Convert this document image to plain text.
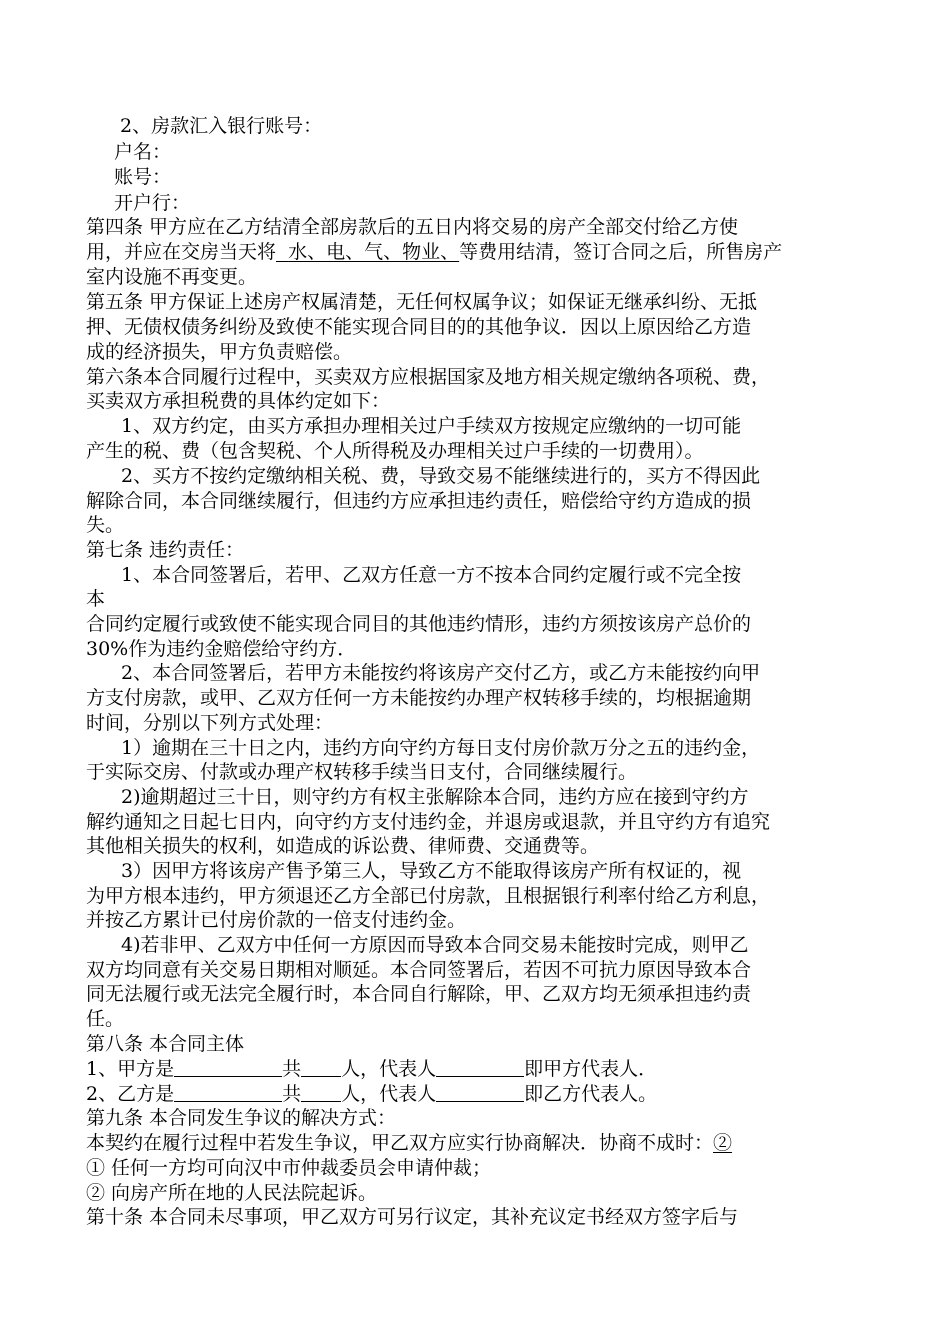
2、房款汇入银行账号：
户名：
账号：
开户行：
第四条 甲方应在乙方结清全部房款后的五日内将交易的房产全部交付给乙方使
用，并应在交房当天将 水、电、气、物业、等费用结清，签订合同之后，所售房产
室内设施不再变更。
第五条 甲方保证上述房产权属清楚，无任何权属争议；如保证无继承纠纷、无抵
押、无债权债务纠纷及致使不能实现合同目的的其他争议．因以上原因给乙方造
成的经济损失，甲方负责赔偿。
第六条本合同履行过程中，买卖双方应根据国家及地方相关规定缴纳各项税、费，
买卖双方承担税费的具体约定如下：
1、双方约定，由买方承担办理相关过户手续双方按规定应缴纳的一切可能
产生的税、费（包含契税、个人所得税及办理相关过户手续的一切费用）。
2、买方不按约定缴纳相关税、费，导致交易不能继续进行的，买方不得因此
解除合同，本合同继续履行，但违约方应承担违约责任，赔偿给守约方造成的损
失。
第七条 违约责任：
1、本合同签署后，若甲、乙双方任意一方不按本合同约定履行或不完全按
本
合同约定履行或致使不能实现合同目的其他违约情形，违约方须按该房产总价的
30%作为违约金赔偿给守约方．
2、本合同签署后，若甲方未能按约将该房产交付乙方，或乙方未能按约向甲
方支付房款，或甲、乙双方任何一方未能按约办理产权转移手续的，均根据逾期
时间，分别以下列方式处理：
1）逾期在三十日之内，违约方向守约方每日支付房价款万分之五的违约金，
于实际交房、付款或办理产权转移手续当日支付，合同继续履行。
2)逾期超过三十日，则守约方有权主张解除本合同，违约方应在接到守约方
解约通知之日起七日内，向守约方支付违约金，并退房或退款，并且守约方有追究
其他相关损失的权利，如造成的诉讼费、律师费、交通费等。
3）因甲方将该房产售予第三人，导致乙方不能取得该房产所有权证的，视
为甲方根本违约，甲方须退还乙方全部已付房款，且根据银行利率付给乙方利息，
并按乙方累计已付房价款的一倍支付违约金。
4)若非甲、乙双方中任何一方原因而导致本合同交易未能按时完成，则甲乙
双方均同意有关交易日期相对顺延。本合同签署后，若因不可抗力原因导致本合
同无法履行或无法完全履行时，本合同自行解除，甲、乙双方均无须承担违约责
任。
第八条 本合同主体
1、甲方是	共 人，代表人	即甲方代表人．
2、乙方是	共 人，代表人	即乙方代表人。
第九条 本合同发生争议的解决方式：
本契约在履行过程中若发生争议，甲乙双方应实行协商解决．协商不成时：②
① 任何一方均可向汉中市仲裁委员会申请仲裁；
② 向房产所在地的人民法院起诉。
第十条 本合同未尽事项，甲乙双方可另行议定，其补充议定书经双方签字后与
